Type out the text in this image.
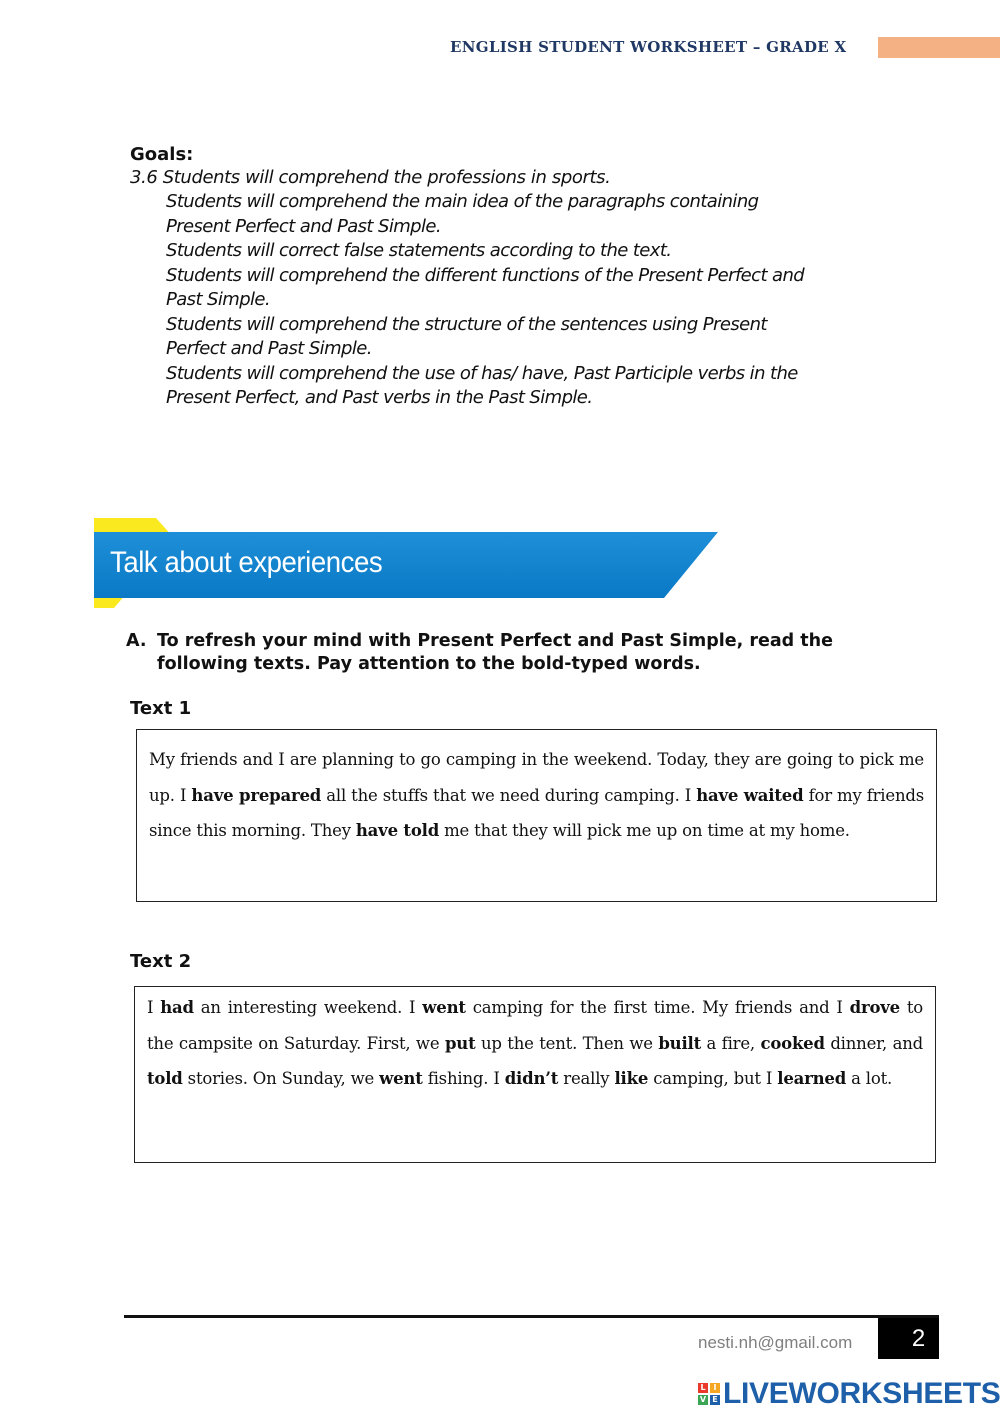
ENGLISH STUDENT WORKSHEET – GRADE X
Goals:
3.6 Students will comprehend the professions in sports.
Students will comprehend the main idea of the paragraphs containing
Present Perfect and Past Simple.
Students will correct false statements according to the text.
Students will comprehend the different functions of the Present Perfect and
Past Simple.
Students will comprehend the structure of the sentences using Present
Perfect and Past Simple.
Students will comprehend the use of has/ have, Past Participle verbs in the
Present Perfect, and Past verbs in the Past Simple.
Talk about experiences
A. To refresh your mind with Present Perfect and Past Simple, read the following texts. Pay attention to the bold-typed words.
Text 1
My friends and I are planning to go camping in the weekend. Today, they are going to pick me up. I have prepared all the stuffs that we need during camping. I have waited for my friends since this morning. They have told me that they will pick me up on time at my home.
Text 2
I had an interesting weekend. I went camping for the first time. My friends and I drove to the campsite on Saturday. First, we put up the tent. Then we built a fire, cooked dinner, and told stories. On Sunday, we went fishing. I didn’t really like camping, but I learned a lot.
nesti.nh@gmail.com	2
L I
V E LIVEWORKSHEETS
